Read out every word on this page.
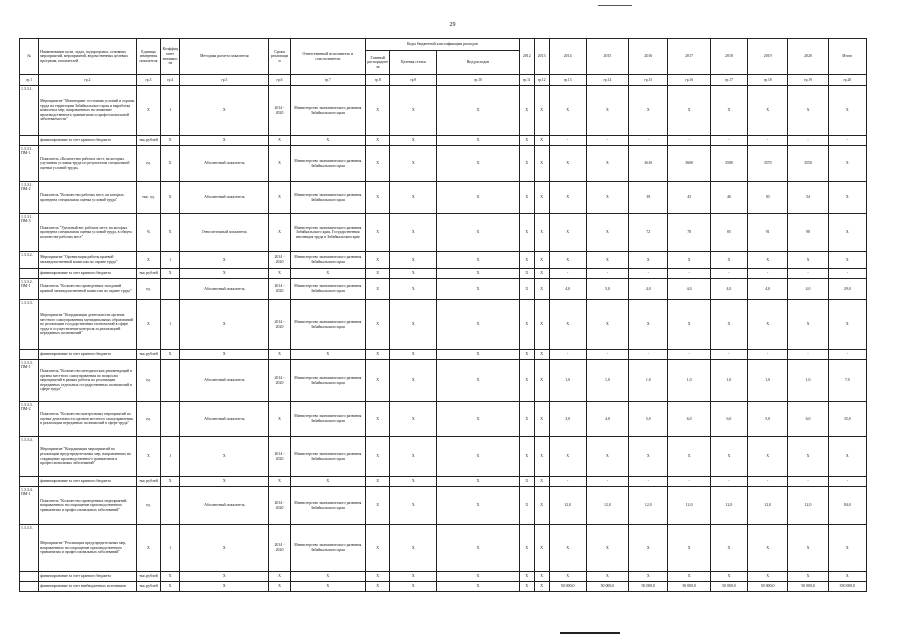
29
№	Наименование цели, задач, подпрограмм, основных мероприятий, мероприятий, ведомственных целевых программ, показателей	Единица измерения показателя	Коэффициент значимости	Методика расчета показателя	Сроки реализации	Ответственный исполнитель и соисполнители	Коды бюджетной классификации расходов			2012	2013	2014	2015	2016	2017	2018	2019	2020	Итого
							Главный распорядитель	Целевая статья	Вид расходов										
гр.1	гр.2	гр.3	гр.4	гр.5	гр.6	гр.7	гр.8	гр.9	гр.10	гр.11	гр.12	гр.13	гр.14	гр.15	гр.16	гр.17	гр.18	гр.19	гр.20
1.3.3.1.	Мероприятие "Мониторинг состояния условий и охраны труда на территории Забайкальского края и выработка комплекса мер, направленных на снижение производственного травматизма и профессиональной заболеваемости"	Х	1	Х	2014 - 2020	Министерство экономического развития Забайкальского края	Х	Х	Х	Х	Х	Х	Х	Х	Х	Х	Х	Х	Х
	финансирование за счет краевого бюджета	тыс.рублей	Х	Х	Х	Х	Х	Х	Х	Х	Х	-	-	-	-	-	-	-	-
1.3.3.1. ПМ-1	Показатель «Количество рабочих мест, на которых улучшены условия труда по результатам специальной оценки условий труда»	ед.	Х	Абсолютный показатель	Х	Министерство экономического развития Забайкальского края	Х	Х	Х	Х	Х	Х	Х	3610	3600	3580	3570	3550	Х
1.3.3.1. ПМ-2	Показатель "Количество рабочих мест, на которых проведена специальная оценка условий труда"	тыс. ед.	Х	Абсолютный показатель	Х	Министерство экономического развития Забайкальского края	Х	Х	Х	Х	Х	Х	Х	39	43	46	50	54	Х
1.3.3.1. ПМ-3	Показатель "Удельный вес рабочих мест, на которых проведена специальная оценка условий труда, в общем количестве рабочих мест"	%	Х	Относительный показатель	Х	Министерство экономического развития Забайкальского края, Государственная инспекция труда в Забайкальском крае	Х	Х	Х	Х	Х	Х	Х	72	78	85	91	98	Х
1.3.3.2.	Мероприятие "Организация работы краевой межведомственной комиссии по охране труда"	Х	1	Х	2014 - 2020	Министерство экономического развития Забайкальского края	Х	Х	Х	Х	Х	Х	Х	Х	Х	Х	Х	Х	Х
	финансирование за счет краевого бюджета	тыс.рублей	Х	Х	Х	Х	Х	Х	Х	Х	Х	-	-	-	-	-	-	-	-
1.3.3.2. ПМ-1	Показатель "Количество проведенных заседаний краевой межведомственной комиссии по охране труда"	ед.		Абсолютный показатель	2014 - 2020	Министерство экономического развития Забайкальского края	Х	Х	Х	Х	Х	4,0	5,0	4,0	4,0	4,0	4,0	4,0	29,0
1.3.3.3.	Мероприятие "Координация деятельности органов местного самоуправления муниципальных образований по реализации государственных полномочий в сфере труда и осуществление контроля за реализацией переданных полномочий"	Х	1	Х	2014 - 2020	Министерство экономического развития Забайкальского края	Х	Х	Х	Х	Х	Х	Х	Х	Х	Х	Х	Х	Х
	финансирование за счет краевого бюджета	тыс.рублей	Х	Х	Х	Х	Х	Х	Х	Х	Х	-	-	-	-	-	-	-	-
1.3.3.3. ПМ-1	Показатель "Количество методических рекомендаций в органы местного самоуправления по вопросам мероприятий в рамках работы по реализации переданных отдельных государственных полномочий в сфере труда"	ед.		Абсолютный показатель	2014 - 2020	Министерство экономического развития Забайкальского края	Х	Х	Х	Х	Х	1,0	1,0	1,0	1,0	1,0	1,0	1,0	7,0
1.3.3.3. ПМ-2	Показатель "Количество контрольных мероприятий по оценке деятельности органов местного самоуправления в реализации переданных полномочий в сфере труда"	ед.		Абсолютный показатель	Х	Министерство экономического развития Забайкальского края	Х	Х	Х	Х	Х	3,0	4,0	5,0	6,0	6,0	5,0	6,0	35,0
1.3.3.4.	Мероприятие "Координация мероприятий по реализации предупредительных мер, направленных на сокращение производственного травматизма и профессиональных заболеваний"	Х	1	Х	2014 - 2020	Министерство экономического развития Забайкальского края	Х	Х	Х	Х	Х	Х	Х	Х	Х	Х	Х	Х	Х
	финансирование за счет краевого бюджета	тыс.рублей	Х	Х	Х	Х	Х	Х	Х	Х	Х	-	-	-	-	-	-	-	-
1.3.3.4. ПМ-1	Показатель "Количество проведенных мероприятий, направленных на сокращение производственного травматизма и профессиональных заболеваний"	ед.		Абсолютный показатель	2014 - 2020	Министерство экономического развития Забайкальского края	Х	Х	Х	Х	Х	12,0	12,0	12,0	12,0	12,0	12,0	12,0	84,0
1.3.3.5.	Мероприятие "Реализация предупредительных мер, направленных на сокращение производственного травматизма и профессиональных заболеваний"	Х	1	Х	2014 - 2020	Министерство экономического развития Забайкальского края	Х	Х	Х	Х	Х	Х	Х	Х	Х	Х	Х	Х	Х
	финансирование за счет краевого бюджета	тыс.рублей	Х	Х	Х	Х	Х	Х	Х	Х	Х	Х	Х	Х	Х	Х	Х	Х	Х
	финансирование за счет внебюджетных источников	тыс.рублей	Х	Х	Х	Х	Х	Х	Х	Х	Х	50 000,0	50 000,0	50 000,0	50 000,0	50 000,0	50 000,0	50 000,0	350 000,0
